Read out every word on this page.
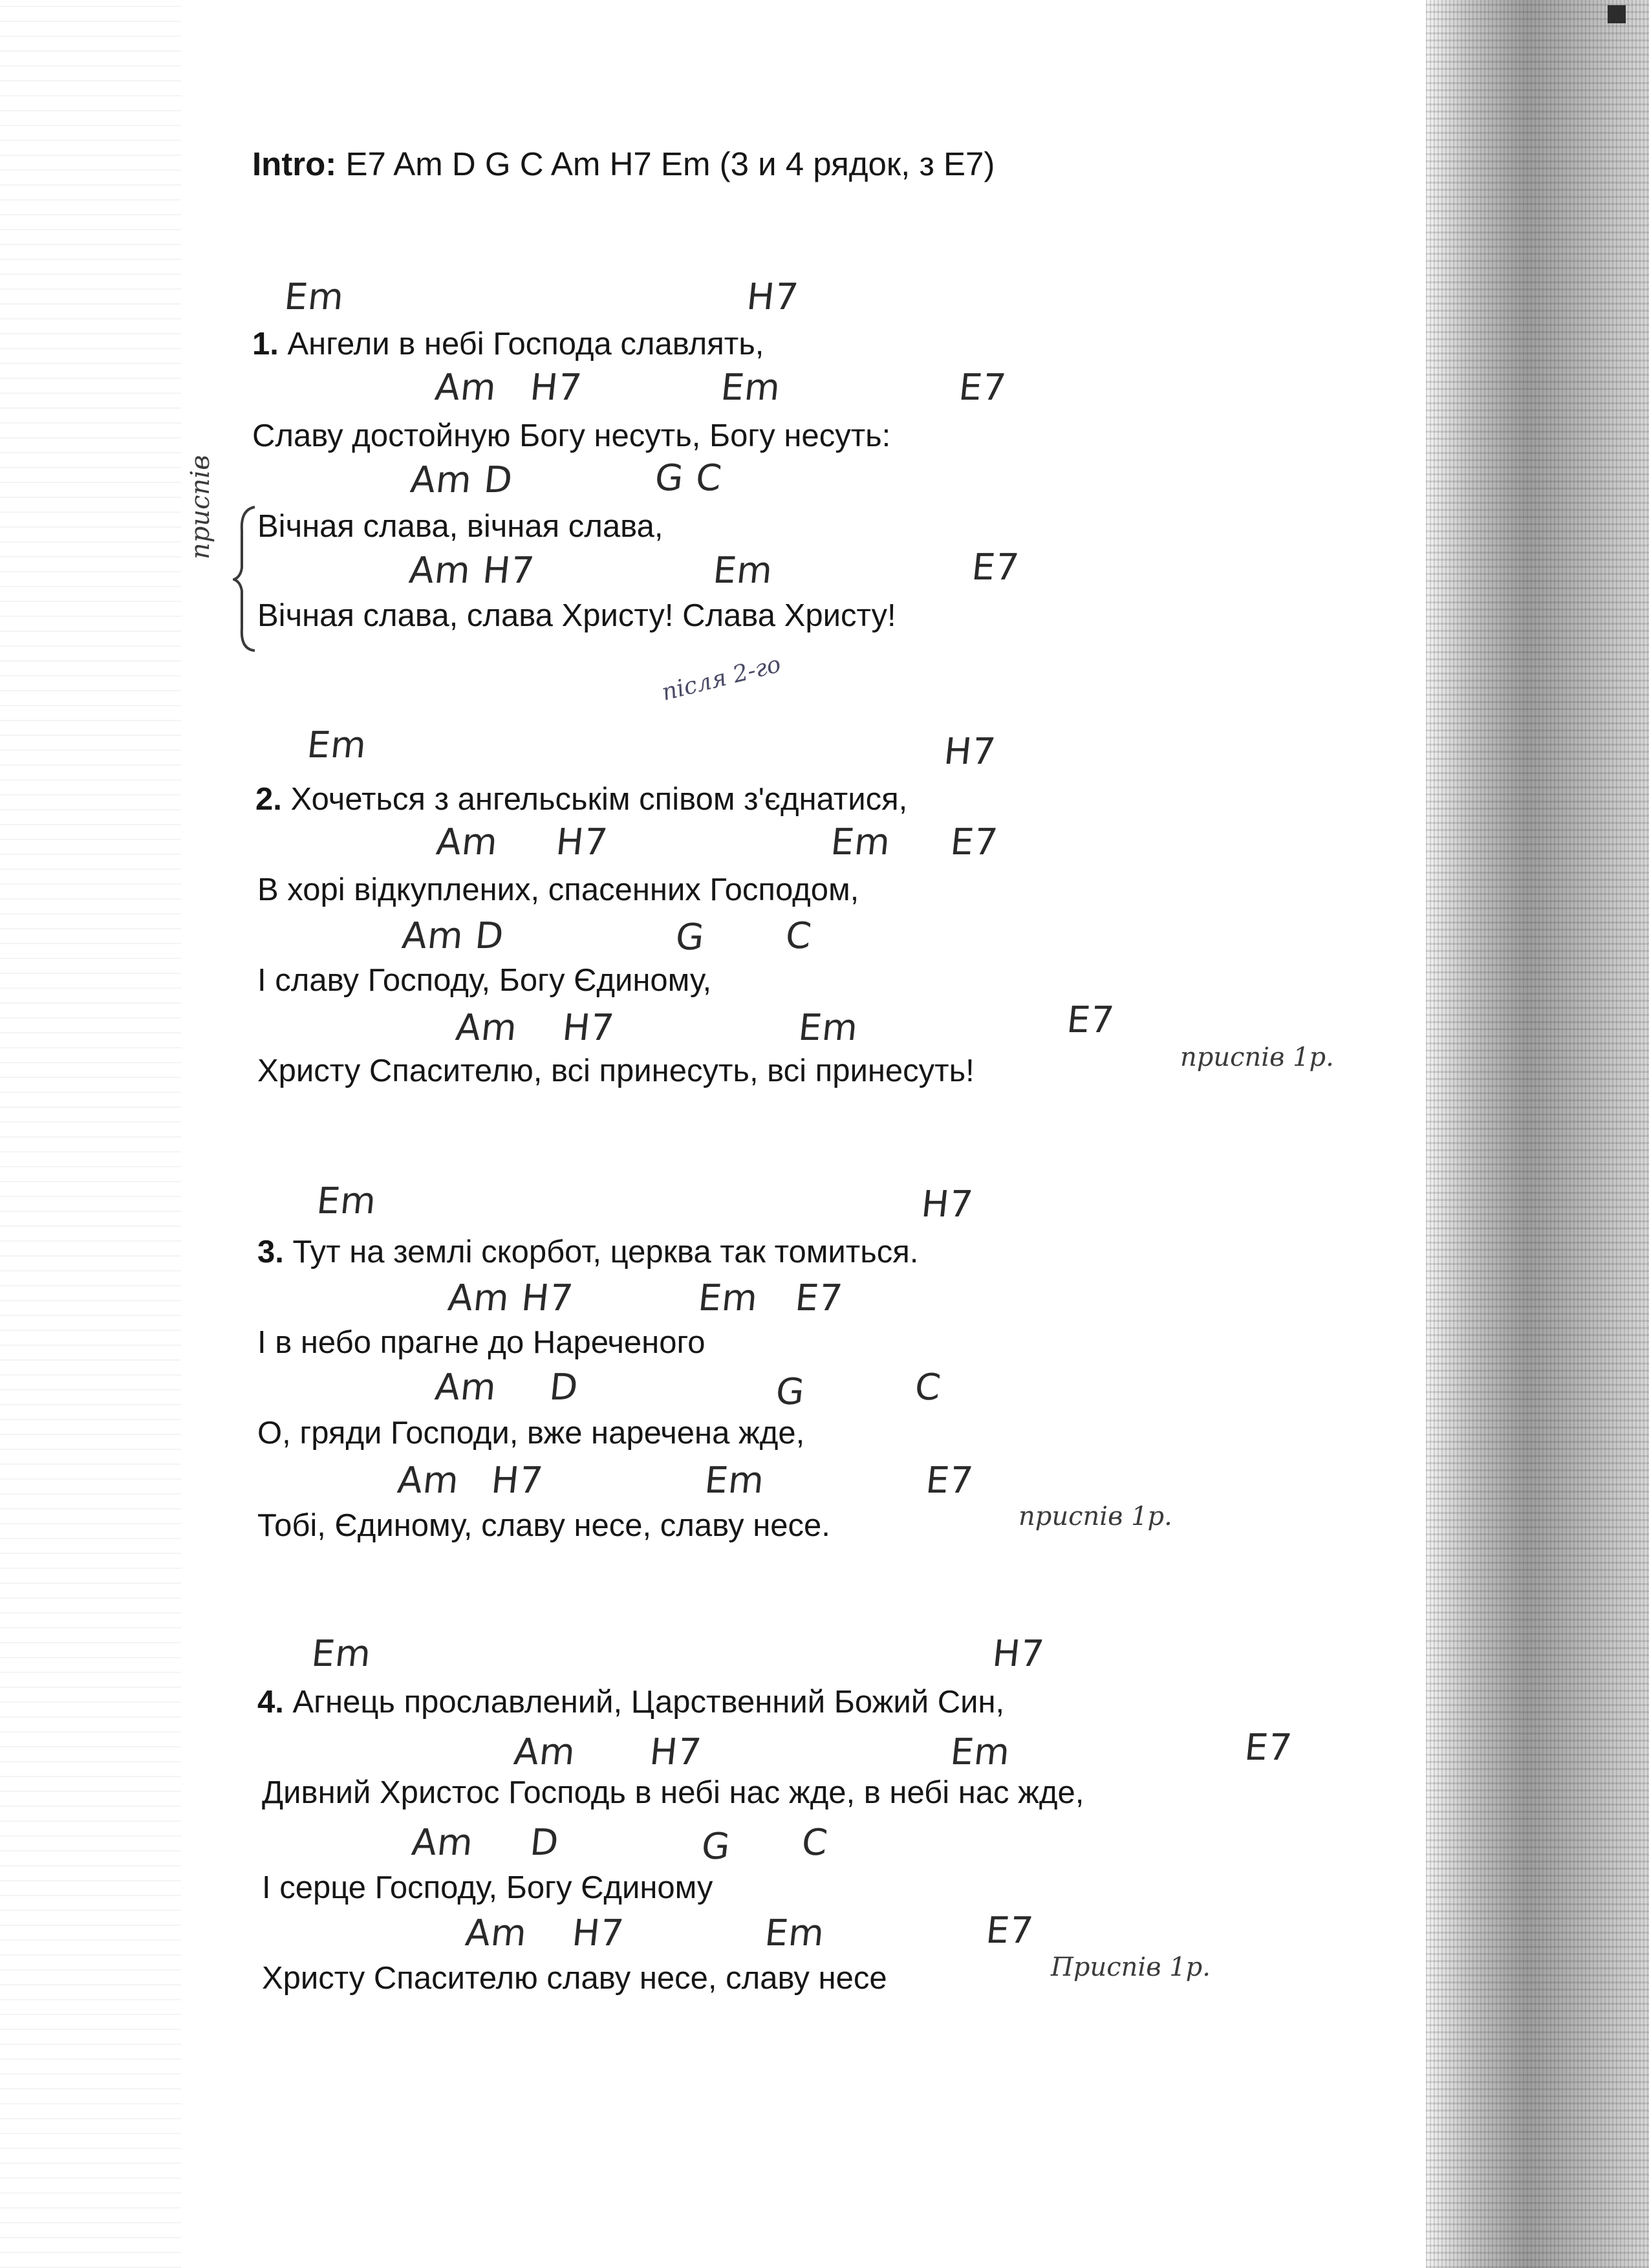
Intro: E7 Am D G C Am H7 Em (3 и 4 рядок, з E7)
Em	H7
1. Ангели в небі Господа славлять,
Am H7	Em	E7
Славу достойную Богу несуть, Богу несуть:
Am D	G C
Вічная слава, вічная слава,
Am H7	Em	E7
Вічная слава, слава Христу! Слава Христу!
приспів
після 2-го
Em	H7
2. Хочеться з ангельськім співом з'єднатися,
Am H7	Em E7
В хорі відкуплених, спасенних Господом,
Am D	G C
І славу Господу, Богу Єдиному,
Am H7	Em	E7
Христу Спасителю, всі принесуть, всі принесуть!	приспів 1р.
Em	H7
3. Тут на землі скорбот, церква так томиться.
Am H7	Em E7
І в небо прагне до Нареченого
Am D	G	C
О, гряди Господи, вже наречена жде,
Am H7	Em	E7
Тобі, Єдиному, славу несе, славу несе.	приспів 1р.
Em	H7
4. Агнець прославлений, Царственний Божий Син,
Am H7	Em	E7
Дивний Христос Господь в небі нас жде, в небі нас жде,
Am D	G C
І серце Господу, Богу Єдиному
Am H7	Em	E7
Христу Спасителю славу несе, славу несе	Приспів 1р.
